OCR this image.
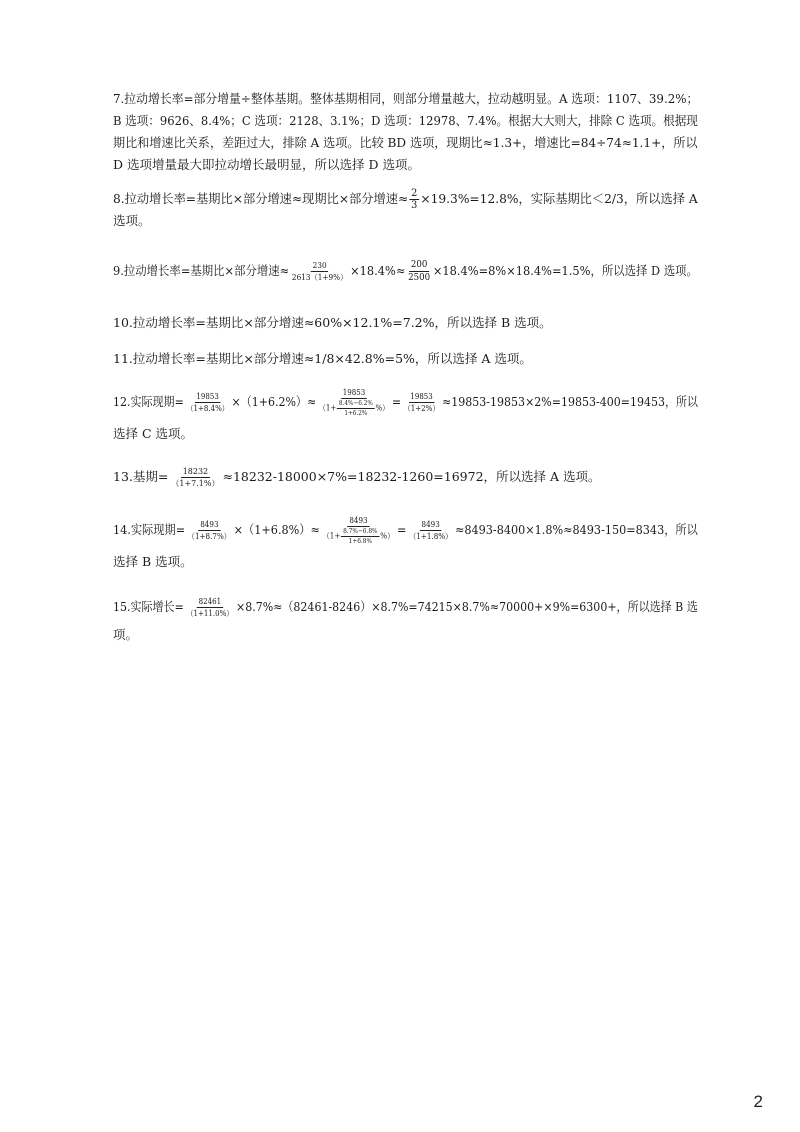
7.拉动增长率=部分增量÷整体基期。整体基期相同，则部分增量越大，拉动越明显。A 选项：1107、39.2%；
B 选项：9626、8.4%；C 选项：2128、3.1%；D 选项：12978、7.4%。根据大大则大，排除 C 选项。根据现
期比和增速比关系，差距过大，排除 A 选项。比较 BD 选项，现期比≈1.3+，增速比=84÷74≈1.1+，所以
D 选项增量最大即拉动增长最明显，所以选择 D 选项。
8.拉动增长率=基期比×部分增速≈现期比×部分增速≈ $\frac{2}{3} \times 19.3\%=12.8\%$，实际基期比＜2/3，所以选择 A
选项。
9.拉动增长率=基期比×部分增速≈ $\frac{230}{2613(1+9\%)} \times 18.4\%\approx \frac{200}{2500} \times 18.4\%=8\%\times 18.4\%=1.5\%$，所以选择 D 选项。
10.拉动增长率=基期比×部分增速≈60%×12.1%=7.2%，所以选择 B 选项。
11.拉动增长率=基期比×部分增速≈1/8×42.8%=5%，所以选择 A 选项。
12.实际现期= $\frac{19853}{(1+8.4\%)} \times(1+6.2\%)\approx \frac{19853}{(1+ \frac{8.4\%-6.2\%}{1+6.2\%} \%)} = \frac{19853}{(1+2\%)} \approx 19853-19853\times 2\%=19853-400=19453$，所以
选择 C 选项。
13.基期= $\frac{18232}{(1+7.1\%)} \approx 18232-18000\times 7\%=18232-1260=16972$，所以选择 A 选项。
14.实际现期= $\frac{8493}{(1+8.7\%)} \times(1+6.8\%)\approx \frac{8493}{(1+ \frac{8.7\%-6.8\%}{1+6.8\%} \%)} = \frac{8493}{(1+1.8\%)} \approx 8493-8400\times 1.8\%\approx 8493-150=8343$，所以
选择 B 选项。
15.实际增长= $\frac{82461}{(1+11.0\%)} \times 8.7\%\approx(82461-8246)\times 8.7\%=74215\times 8.7\%\approx 70000+\times 9\%=6300+$，所以选择 B 选
项。
2
